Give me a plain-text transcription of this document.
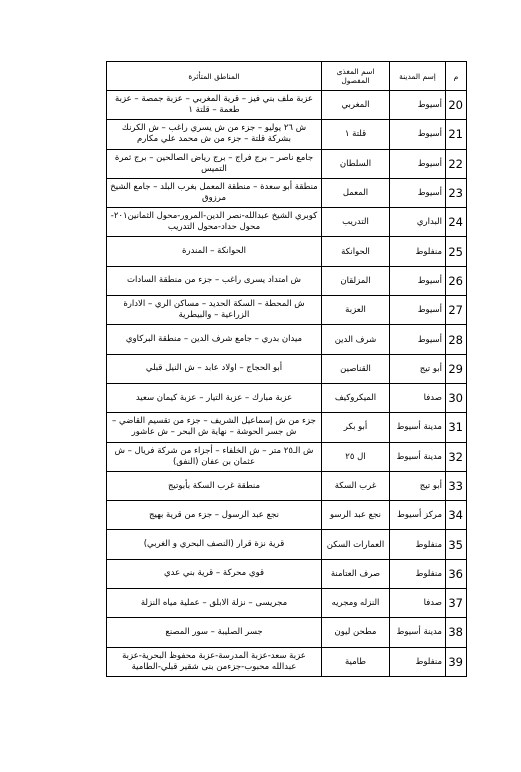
م	إسم المدينة	اسم المغذى المفصول	المناطق المتأثرة
20	أسيوط	المغربي	عزبة ملف بني فيز – قرية المغربي – عزبة جمصة – عزبة طعمة – قلتة ١
21	أسيوط	قلتة ١	ش ٢٦ يوليو – جزء من ش يسري راغب – ش الكرنك بشركة قلتة – جزء من ش محمد علي مكارم
22	أسيوط	السلطان	جامع ناصر – برج فراج – برج رياض الصالحين – برج ثمرة التميس
23	أسيوط	المعمل	منطقة أبو سعدة – منطقة المعمل بغرب البلد – جامع الشيخ مرزوق
24	البداري	التدريب	كوبري الشيخ عبدالله-نصر الدين-المرور-محول الثمانين٢٠١-محول حداد-محول التدريب
25	منفلوط	الحوانكة	الحوانكة – المندرة
26	أسيوط	المزلقان	ش امتداد يسرى راغب – جزء من منطقة السادات
27	أسيوط	العزبة	ش المحطة – السكة الحديد – مساكن الري – الادارة الزراعية – والبيطرية
28	أسيوط	شرف الدين	ميدان بدري – جامع شرف الدين – منطقة البركاوي
29	أبو تيج	القناصين	أبو الحجاج – اولاد عابد – ش النيل قبلي
30	صدفا	الميكروكيف	عزبة مبارك – عزبة التيار – عزبة كيمان سعيد
31	مدينة أسيوط	أبو بكر	جزء من ش إسماعيل الشريف – جزء من تقسيم القاضي – ش جسر الحوشة – نهاية ش البحر – ش عاشور
32	مدينة أسيوط	ال ٢٥	ش الـ٢٥ متر – ش الخلفاء – أجزاء من شركة فريال – ش عثمان بن عفان (النفق)
33	أبو تيج	غرب السكة	منطقة غرب السكة بأبوتيج
34	مركز أسيوط	نجع عبد الرسو	نجع عبد الرسول – جزء من قرية بهيج
35	منفلوط	العمارات السكن	قرية نزة قرار (النصف البحري و الغربي)
36	منفلوط	صرف العتامنة	قوي محركة – قرية بني عدي
37	صدفا	النزله ومجريه	مجريسى – نزلة الابلق – عملية مياه النزلة
38	مدينة أسيوط	مطحن ليون	جسر الصليبة – سور المصنع
39	منفلوط	طامية	عزبة سعد-عزبة المدرسة-عزبة محفوظ البحرية-عزبة عبدالله محبوب-جزءمن بنى شقير قبلي-الطامية
